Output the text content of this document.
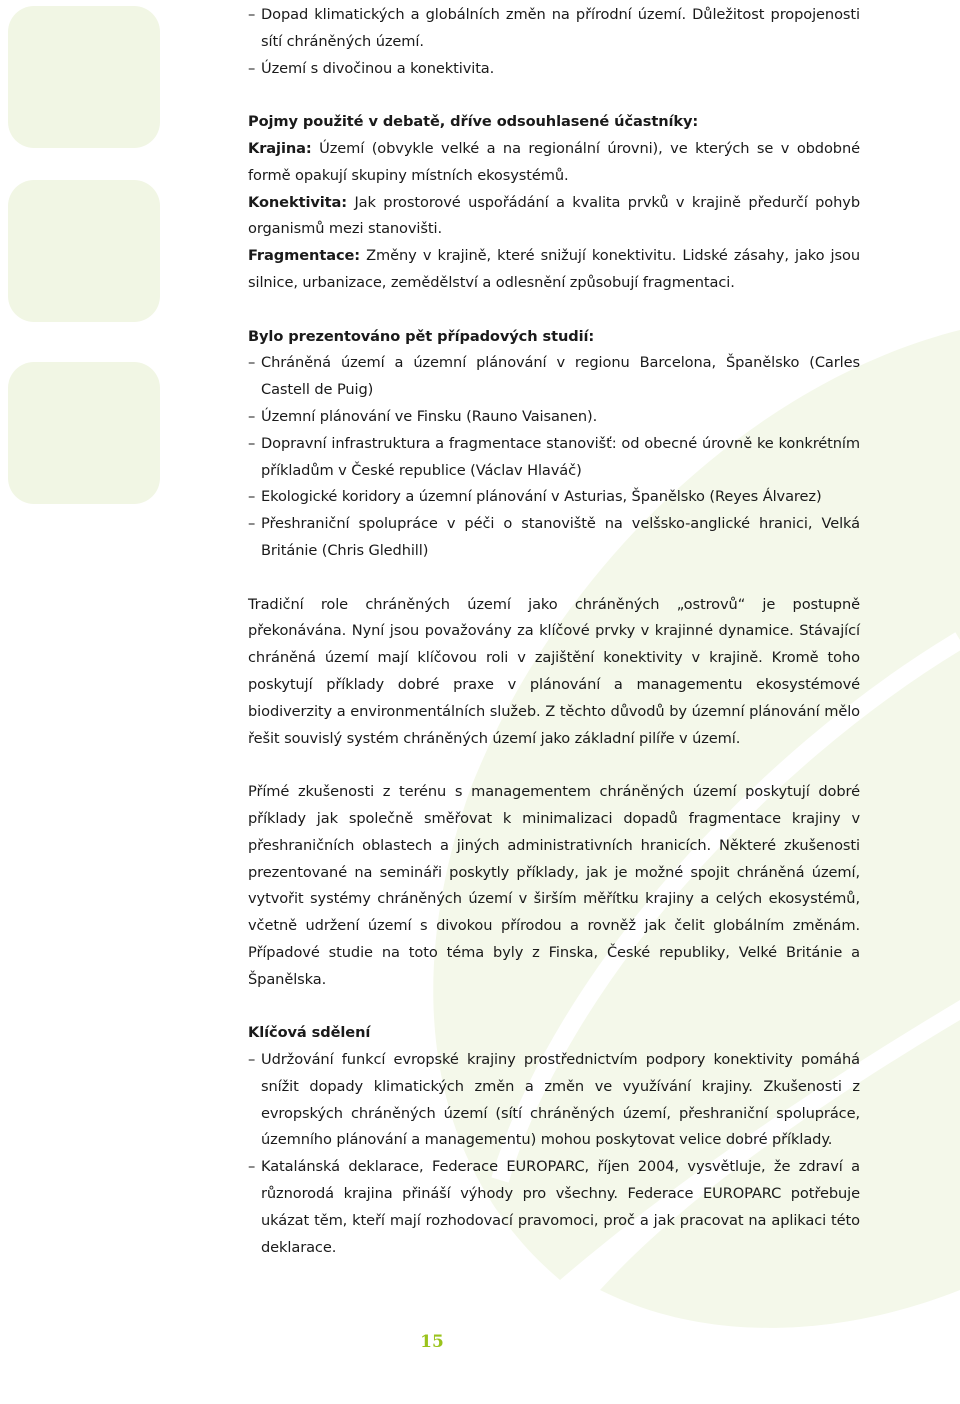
– Dopad klimatických a globálních změn na přírodní území. Důležitost propojenosti sítí chráněných území.
– Území s divočinou a konektivita.

Pojmy použité v debatě, dříve odsouhlasené účastníky:

Krajina: Území (obvykle velké a na regionální úrovni), ve kterých se v obdobné formě opakují skupiny místních ekosystémů.

Konektivita: Jak prostorové uspořádání a kvalita prvků v krajině předurčí pohyb organismů mezi stanovišti.

Fragmentace: Změny v krajině, které snižují konektivitu. Lidské zásahy, jako jsou silnice, urbanizace, zemědělství a odlesnění způsobují fragmentaci.

Bylo prezentováno pět případových studií:

– Chráněná území a územní plánování v regionu Barcelona, Španělsko (Carles Castell de Puig)
– Územní plánování ve Finsku (Rauno Vaisanen).
– Dopravní infrastruktura a fragmentace stanovišť: od obecné úrovně ke konkrétním příkladům v České republice (Václav Hlaváč)
– Ekologické koridory a územní plánování v Asturias, Španělsko (Reyes Álvarez)
– Přeshraniční spolupráce v péči o stanoviště na velšsko-anglické hranici, Velká Británie (Chris Gledhill)

Tradiční role chráněných území jako chráněných „ostrovů“ je postupně překonávána. Nyní jsou považovány za klíčové prvky v krajinné dynamice. Stávající chráněná území mají klíčovou roli v zajištění konektivity v krajině. Kromě toho poskytují příklady dobré praxe v plánování a managementu ekosystémové biodiverzity a environmentálních služeb. Z těchto důvodů by územní plánování mělo řešit souvislý systém chráněných území jako základní pilíře v území.

Přímé zkušenosti z terénu s managementem chráněných území poskytují dobré příklady jak společně směřovat k minimalizaci dopadů fragmentace krajiny v přeshraničních oblastech a jiných administrativních hranicích. Některé zkušenosti prezentované na semináři poskytly příklady, jak je možné spojit chráněná území, vytvořit systémy chráněných území v širším měřítku krajiny a celých ekosystémů, včetně udržení území s divokou přírodou a rovněž jak čelit globálním změnám. Případové studie na toto téma byly z Finska, České republiky, Velké Británie a Španělska.

Klíčová sdělení

– Udržování funkcí evropské krajiny prostřednictvím podpory konektivity pomáhá snížit dopady klimatických změn a změn ve využívání krajiny. Zkušenosti z evropských chráněných území (sítí chráněných území, přeshraniční spolupráce, územního plánování a managementu) mohou poskytovat velice dobré příklady.
– Katalánská deklarace, Federace EUROPARC, říjen 2004, vysvětluje, že zdraví a různorodá krajina přináší výhody pro všechny. Federace EUROPARC potřebuje ukázat těm, kteří mají rozhodovací pravomoci, proč a jak pracovat na aplikaci této deklarace.
15
